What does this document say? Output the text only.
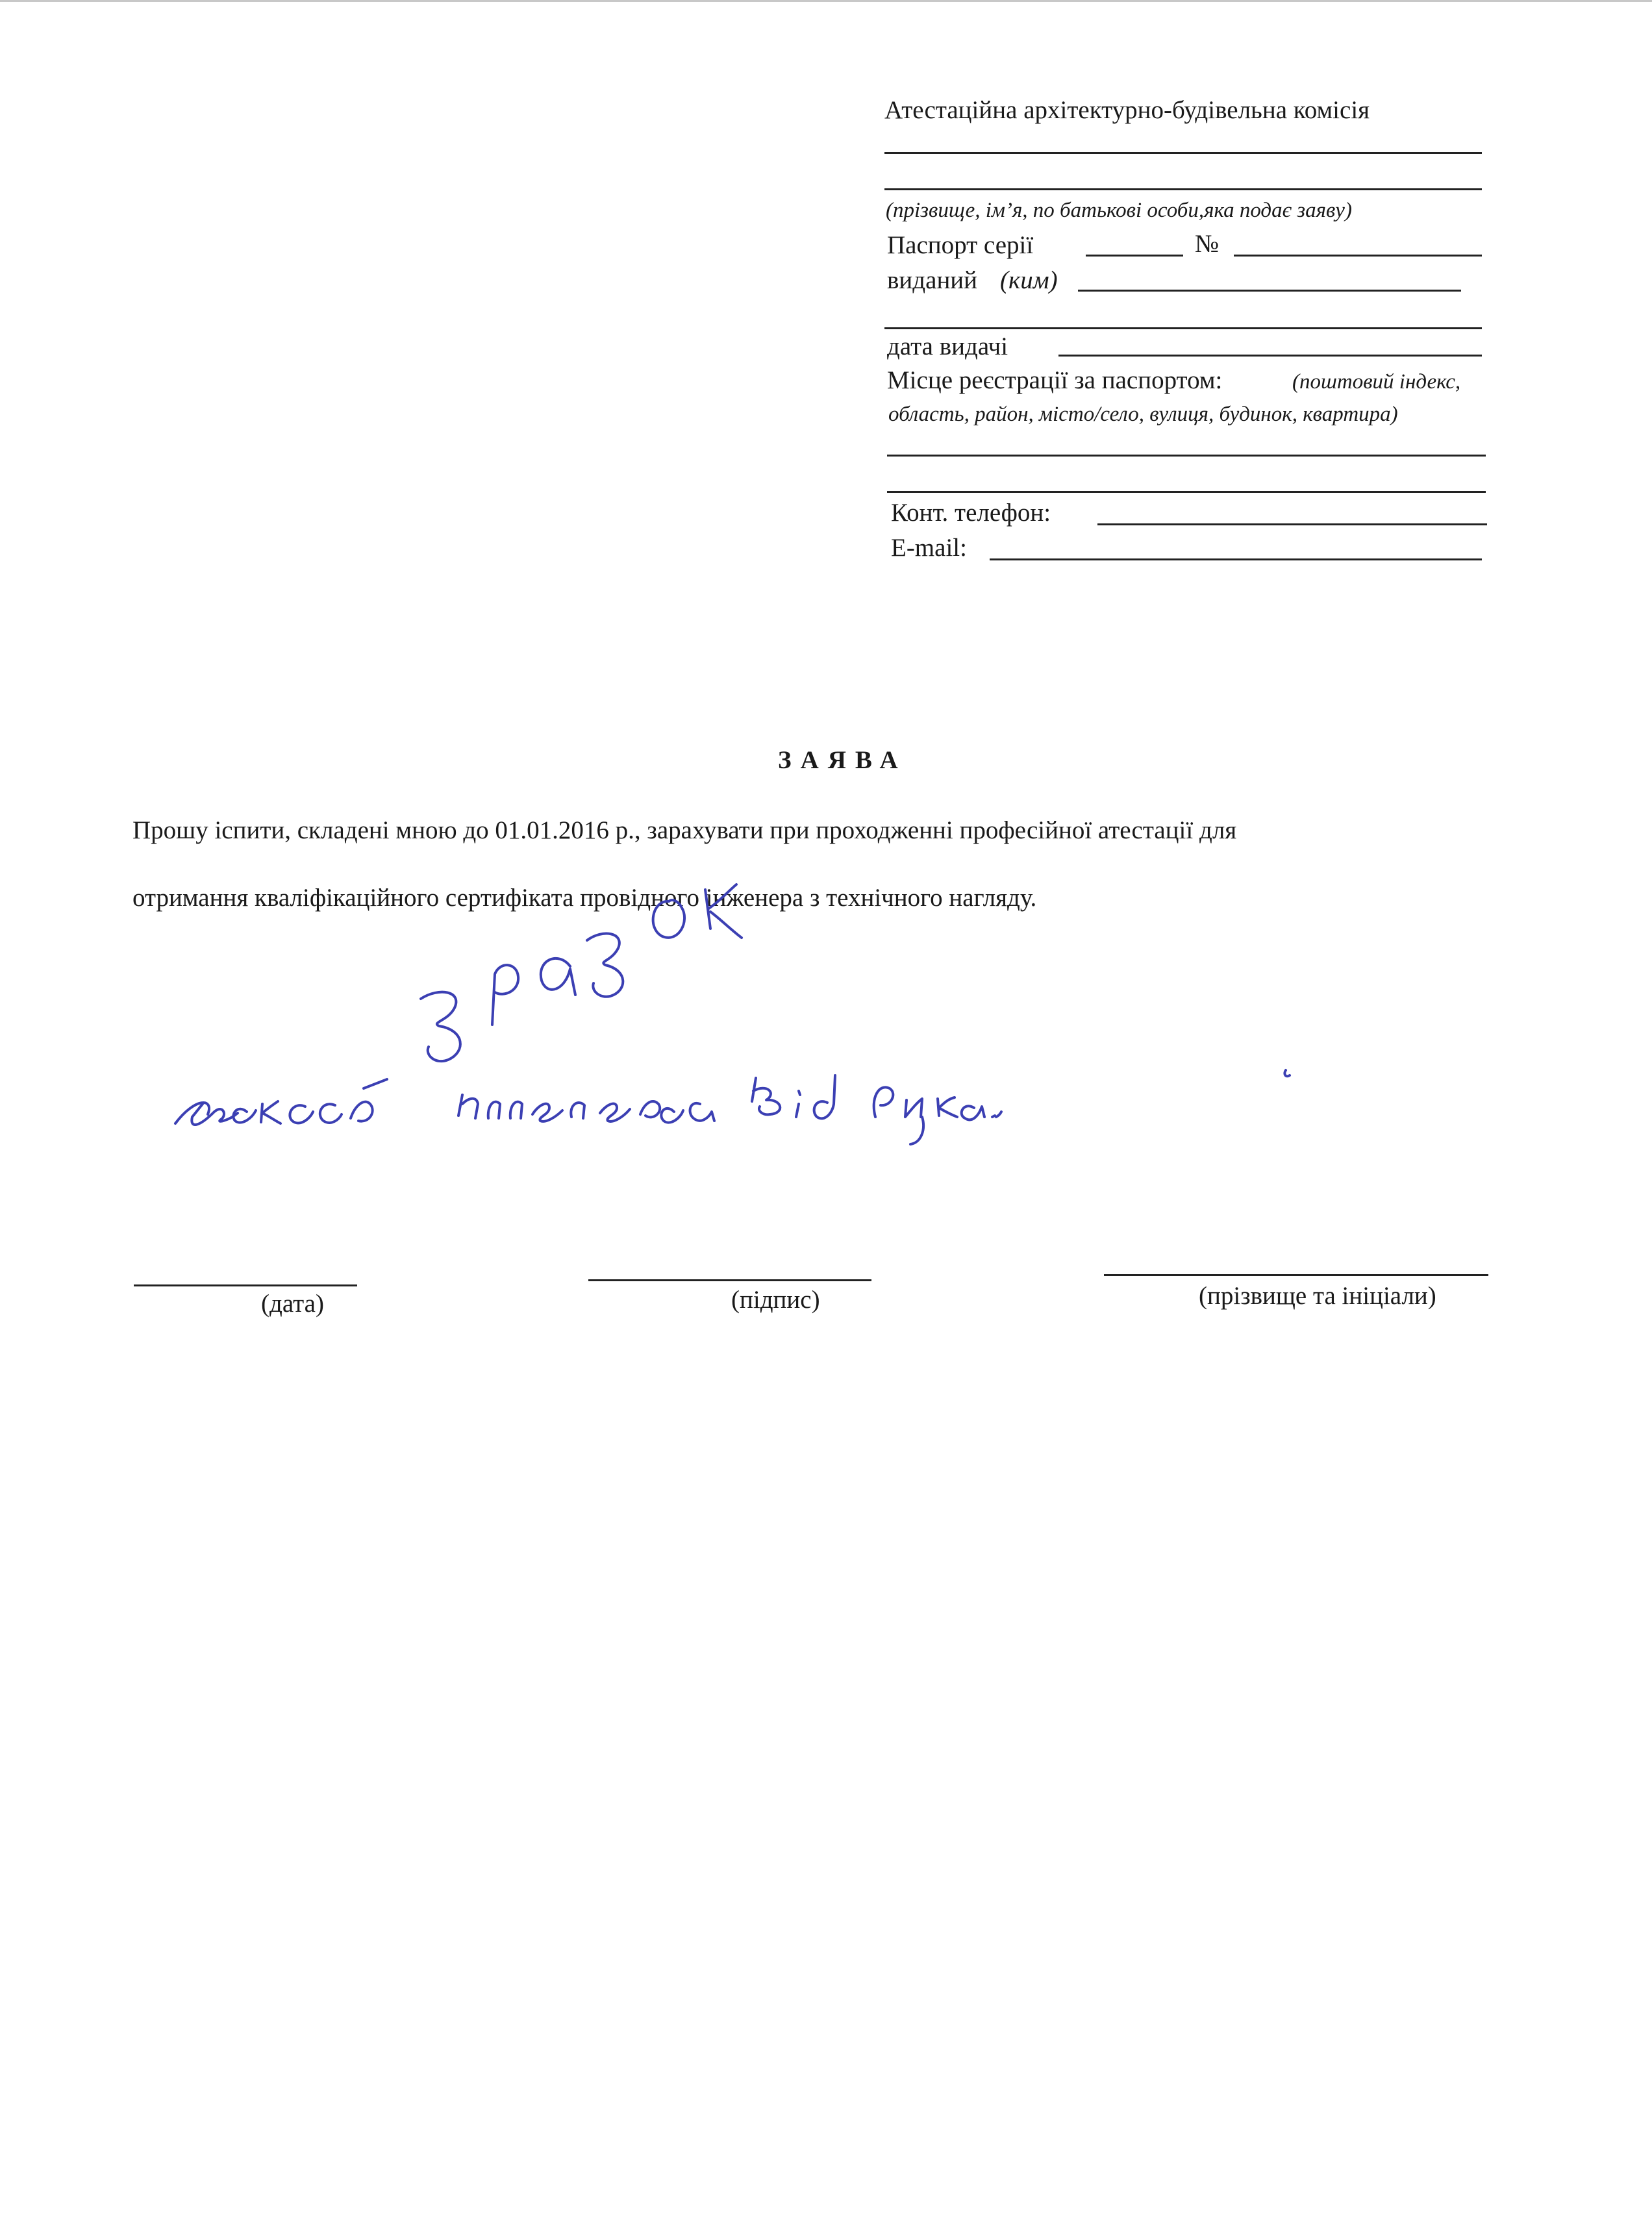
Атестаційна архітектурно-будівельна комісія
(прізвище, ім’я, по батькові особи,яка подає заяву)
Паспорт серії	№
виданий (ким)
дата видачі
Місце реєстрації за паспортом:	(поштовий індекс,
область, район, місто/село, вулиця, будинок, квартира)
Конт. телефон:
E-mail:
ЗАЯВА
Прошу іспити, складені мною до 01.01.2016 р., зарахувати при проходженні професійної атестації для
отримання кваліфікаційного сертифіката провідного інженера з технічного нагляду.
(дата)	(підпис)	(прізвище та ініціали)
